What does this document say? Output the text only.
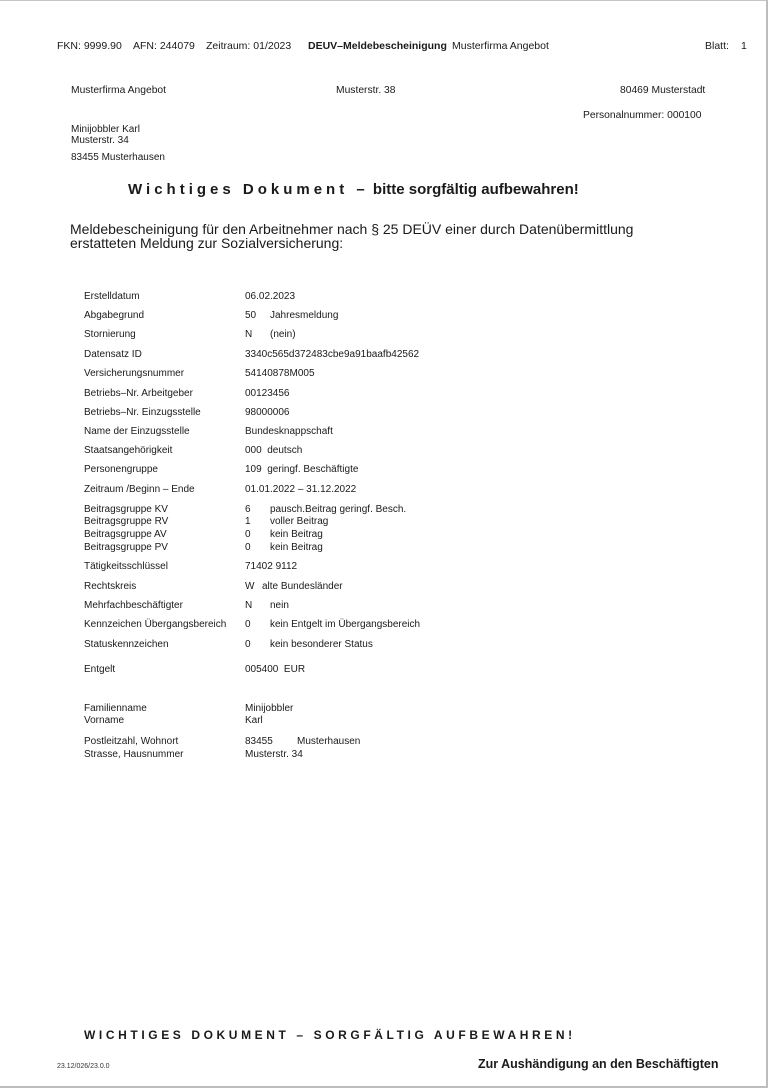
FKN: 9999.90 AFN: 244079 Zeitraum: 01/2023 DEUV–Meldebescheinigung Musterfirma Angebot	Blatt: 1
Musterfirma Angebot	Musterstr. 38	80469 Musterstadt
Personalnummer: 000100
Minijobbler Karl
Musterstr. 34
83455 Musterhausen
Wichtiges Dokument – bitte sorgfältig aufbewahren!
Meldebescheinigung für den Arbeitnehmer nach § 25 DEÜV einer durch Datenübermittlung
erstatteten Meldung zur Sozialversicherung:
Erstelldatum	06.02.2023
Abgabegrund	50 Jahresmeldung
Stornierung	N (nein)
Datensatz ID	3340c565d372483cbe9a91baafb42562
Versicherungsnummer	54140878M005
Betriebs–Nr. Arbeitgeber	00123456
Betriebs–Nr. Einzugsstelle	98000006
Name der Einzugsstelle	Bundesknappschaft
Staatsangehörigkeit	000  deutsch
Personengruppe	109  geringf. Beschäftigte
Zeitraum /Beginn – Ende	01.01.2022 – 31.12.2022
Beitragsgruppe KV	6 pausch.Beitrag geringf. Besch.
Beitragsgruppe RV	1 voller Beitrag
Beitragsgruppe AV	0 kein Beitrag
Beitragsgruppe PV	0 kein Beitrag
Tätigkeitsschlüssel	71402 9112
Rechtskreis	W alte Bundesländer
Mehrfachbeschäftigter	N nein
Kennzeichen Übergangsbereich 0 kein Entgelt im Übergangsbereich
Statuskennzeichen	0 kein besonderer Status
Entgelt	005400  EUR
Familienname	Minijobbler
Vorname	Karl
Postleitzahl, Wohnort	83455 Musterhausen
Strasse, Hausnummer	Musterstr. 34
WICHTIGES DOKUMENT – SORGFÄLTIG AUFBEWAHREN!
23.12/026/23.0.0	Zur Aushändigung an den Beschäftigten
